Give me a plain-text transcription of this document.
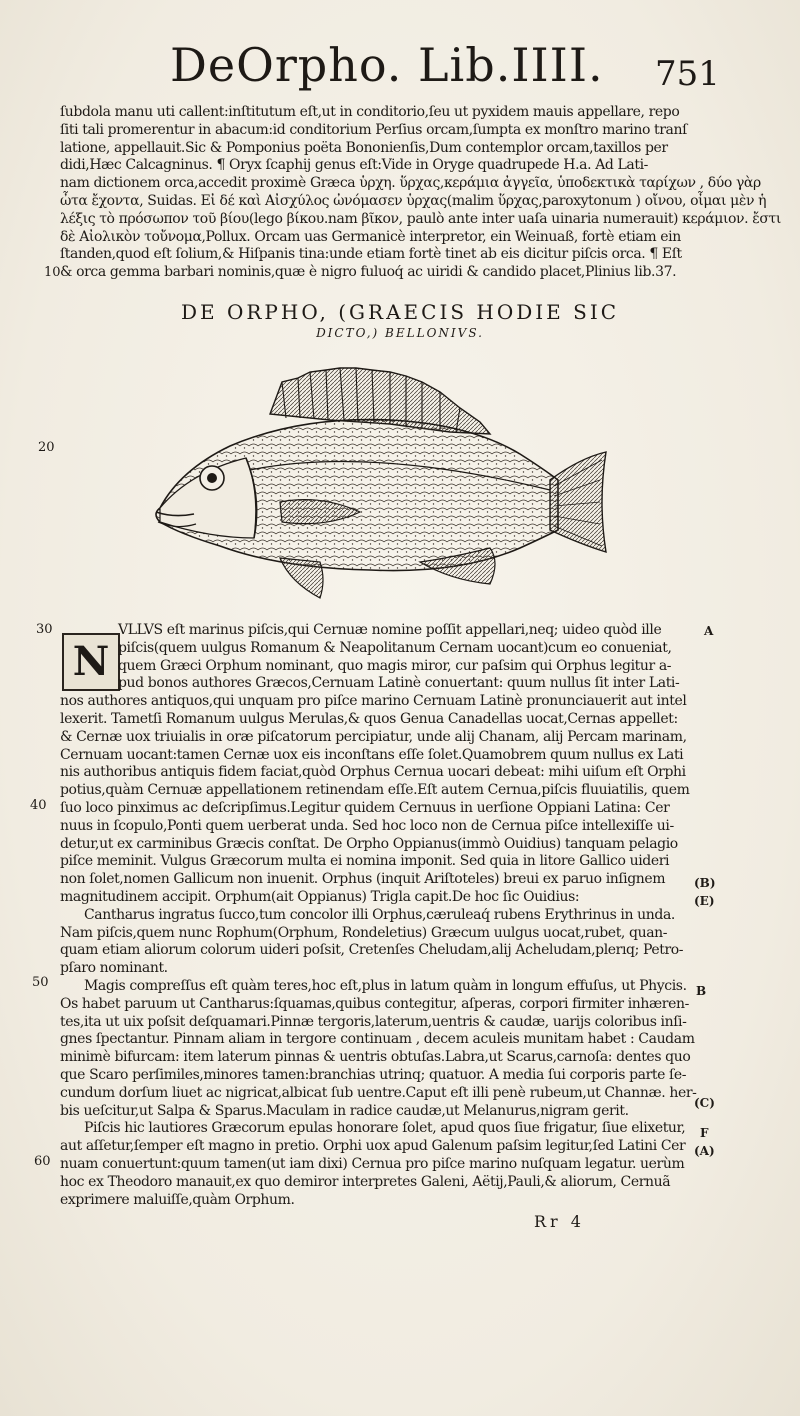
DeOrpho. Lib.IIII. 751
ſubdola manu uti callent:inſtitutum eſt,ut in conditorio,ſeu ut pyxidem mauis appellare, repo
ſiti tali promerentur in abacum:id conditorium Perſius orcam,ſumpta ex monſtro marino tranſ
latione, appellauit.Sic & Pomponius poëta Bononienſis,Dum contemplor orcam,taxillos per
didi,Hæc Calcagninus. ¶ Oryx ſcaphij genus eſt:Vide in Oryge quadrupede H.a. Ad Lati-
nam dictionem orca,accedit proximè Græca ὑρχη. ὕρχας,κεράμια ἀγγεῖα, ὑποδεκτικὰ ταρίχων , δύο γὰρ
ὦτα ἔχοντα, Suidas. Εἰ δέ καὶ Αἰσχύλος ὠνόμασεν ὑρχας(malim ὕρχας,paroxytonum ) οἴνου, οἶμαι μὲν ἡ
λέξις τὸ πρόσωπον τοῦ βίου(lego βίκου.nam βῖκον, paulò ante inter uaſa uinaria numerauit) κεράμιον. ἔστι
δὲ Αἰολικὸν τοὔνομα,Pollux. Orcam uas Germanicè interpretor, ein Weinuaß, fortè etiam ein
ſtanden,quod eſt ſolium,& Hiſpanis tina:unde etiam fortè tinet ab eis dicitur piſcis orca. ¶ Eſt
& orca gemma barbari nominis,quæ è nigro fuluoq́ ac uiridi & candido placet,Plinius lib.37.
10
DE ORPHO, (GRAECIS HODIE SIC
DICTO,) BELLONIVS.
20
30
N
VLLVS eſt marinus piſcis,qui Cernuæ nomine poſſit appellari,neq; uideo quòd ille
piſcis(quem uulgus Romanum & Neapolitanum Cernam uocant)cum eo conueniat,
quem Græci Orphum nominant, quo magis miror, cur paſsim qui Orphus legitur a-
pud bonos authores Græcos,Cernuam Latinè conuertant: quum nullus ſit inter Lati-
nos authores antiquos,qui unquam pro piſce marino Cernuam Latinè pronunciauerit aut intel
lexerit. Tametſi Romanum uulgus Merulas,& quos Genua Canadellas uocat,Cernas appellet:
& Cernæ uox triuialis in oræ piſcatorum percipiatur, unde alij Chanam, alij Percam marinam,
Cernuam uocant:tamen Cernæ uox eis inconſtans eſſe ſolet.Quamobrem quum nullus ex Lati
nis authoribus antiquis fidem faciat,quòd Orphus Cernua uocari debeat: mihi uiſum eſt Orphi
potius,quàm Cernuæ appellationem retinendam eſſe.Eſt autem Cernua,piſcis fluuiatilis, quem
ſuo loco pinximus ac deſcripſimus.Legitur quidem Cernuus in uerſione Oppiani Latina: Cer
nuus in ſcopulo,Ponti quem uerberat unda. Sed hoc loco non de Cernua piſce intellexiſſe ui-
detur,ut ex carminibus Græcis conſtat. De Orpho Oppianus(immò Ouidius) tanquam pelagio
piſce meminit. Vulgus Græcorum multa ei nomina imponit. Sed quia in litore Gallico uideri
non ſolet,nomen Gallicum non inuenit. Orphus (inquit Ariſtoteles) breui ex paruo inſignem
magnitudinem accipit. Orphum(ait Oppianus) Trigla capit.De hoc ſic Ouidius:
Cantharus ingratus ſucco,tum concolor illi Orphus,cæruleaq́ rubens Erythrinus in unda.
Nam piſcis,quem nunc Rophum(Orphum, Rondeletius) Græcum uulgus uocat,rubet, quan-
quam etiam aliorum colorum uideri poſsit, Cretenſes Cheludam,alij Acheludam,plerıq; Petro-
pſaro nominant.
Magis compreſſus eſt quàm teres,hoc eſt,plus in latum quàm in longum effuſus, ut Phycis.
Os habet paruum ut Cantharus:ſquamas,quibus contegitur, aſperas, corpori firmiter inhæren-
tes,ita ut uix poſsit deſquamari.Pinnæ tergoris,laterum,uentris & caudæ, uarijs coloribus inſi-
gnes ſpectantur. Pinnam aliam in tergore continuam , decem aculeis munitam habet : Caudam
minimè bifurcam: item laterum pinnas & uentris obtuſas.Labra,ut Scarus,carnoſa: dentes quo
que Scaro perſimiles,minores tamen:branchias utrinq; quatuor. A media ſui corporis parte ſe-
cundum dorſum liuet ac nigricat,albicat ſub uentre.Caput eſt illi penè rubeum,ut Channæ. her-
bis ueſcitur,ut Salpa & Sparus.Maculam in radice caudæ,ut Melanurus,nigram gerit.
Piſcis hic lautiores Græcorum epulas honorare ſolet, apud quos ſiue frigatur, ſiue elixetur,
aut aſſetur,ſemper eſt magno in pretio. Orphi uox apud Galenum paſsim legitur,ſed Latini Cer
nuam conuertunt:quum tamen(ut iam dixi) Cernua pro piſce marino nuſquam legatur. uerùm
hoc ex Theodoro manauit,ex quo demiror interpretes Galeni, Aëtij,Pauli,& aliorum, Cernuã
exprimere maluiſſe,quàm Orphum.
40
50
60
A
(B)
(E)
B
(C)
F
(A)
Rr 4
